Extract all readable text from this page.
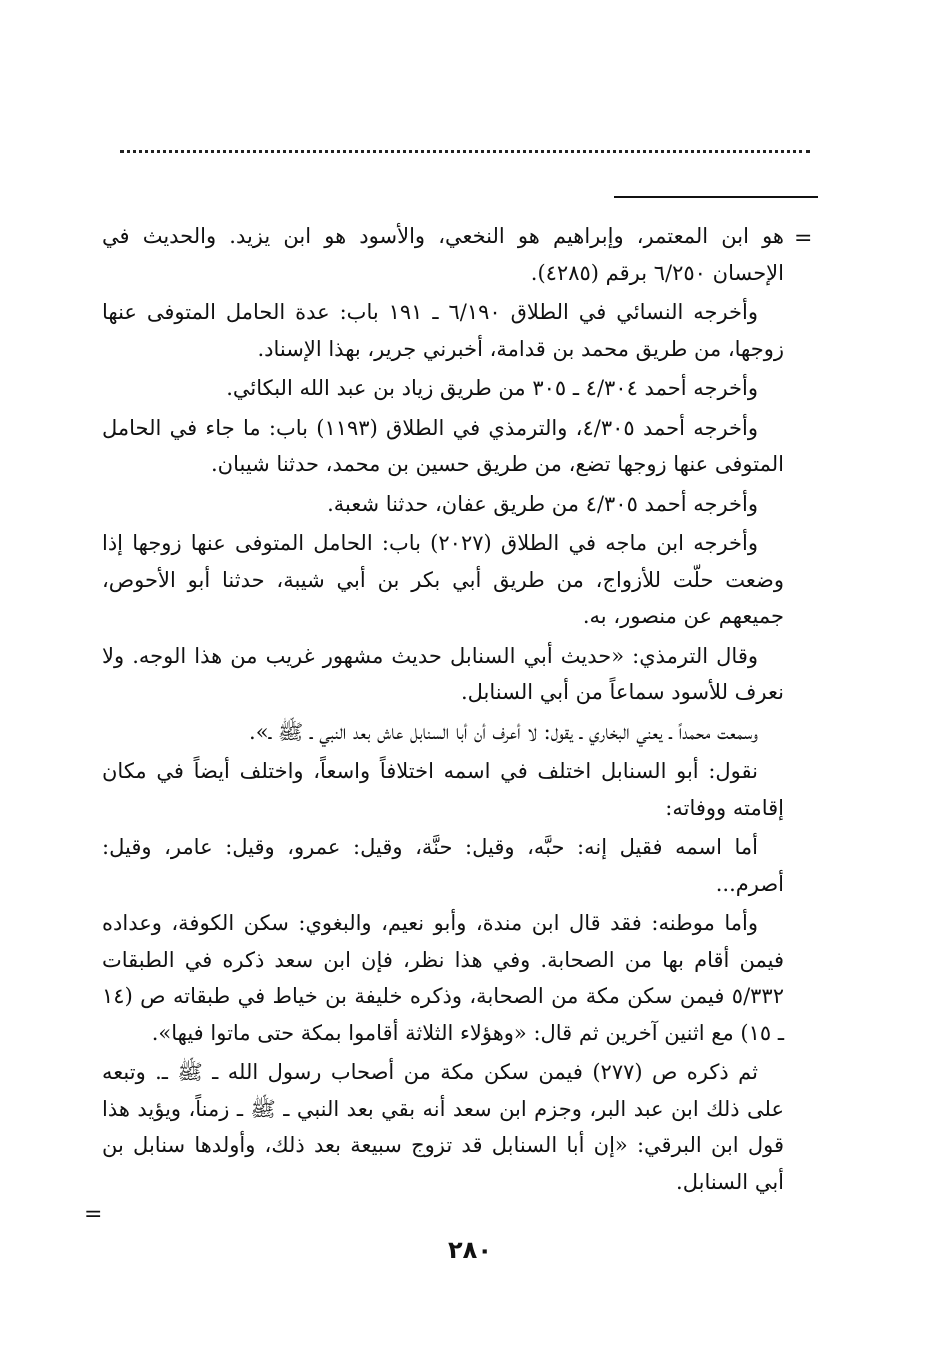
=

هو ابن المعتمر، وإبراهيم هو النخعي، والأسود هو ابن يزيد. والحديث في الإحسان ٦/٢٥٠ برقم (٤٢٨٥).

وأخرجه النسائي في الطلاق ٦/١٩٠ ـ ١٩١ باب: عدة الحامل المتوفى عنها زوجها، من طريق محمد بن قدامة، أخبرني جرير، بهذا الإسناد.

وأخرجه أحمد ٤/٣٠٤ ـ ٣٠٥ من طريق زياد بن عبد الله البكائي.

وأخرجه أحمد ٤/٣٠٥، والترمذي في الطلاق (١١٩٣) باب: ما جاء في الحامل المتوفى عنها زوجها تضع، من طريق حسين بن محمد، حدثنا شيبان.

وأخرجه أحمد ٤/٣٠٥ من طريق عفان، حدثنا شعبة.

وأخرجه ابن ماجه في الطلاق (٢٠٢٧) باب: الحامل المتوفى عنها زوجها إذا وضعت حلّت للأزواج، من طريق أبي بكر بن أبي شيبة، حدثنا أبو الأحوص، جميعهم عن منصور، به.

وقال الترمذي: «حديث أبي السنابل حديث مشهور غريب من هذا الوجه. ولا نعرف للأسود سماعاً من أبي السنابل.

وسمعت محمداً ـ يعني البخاري ـ يقول: لا أعرف أن أبا السنابل عاش بعد النبي ـ ﷺ ـ».

نقول: أبو السنابل اختلف في اسمه اختلافاً واسعاً، واختلف أيضاً في مكان إقامته ووفاته:

أما اسمه فقيل إنه: حبَّه، وقيل: حنَّة، وقيل: عمرو، وقيل: عامر، وقيل: أصرم...

وأما موطنه: فقد قال ابن مندة، وأبو نعيم، والبغوي: سكن الكوفة، وعداده فيمن أقام بها من الصحابة. وفي هذا نظر، فإن ابن سعد ذكره في الطبقات ٥/٣٣٢ فيمن سكن مكة من الصحابة، وذكره خليفة بن خياط في طبقاته ص (١٤ ـ ١٥) مع اثنين آخرين ثم قال: «وهؤلاء الثلاثة أقاموا بمكة حتى ماتوا فيها».

ثم ذكره ص (٢٧٧) فيمن سكن مكة من أصحاب رسول الله ـ ﷺ ـ. وتبعه على ذلك ابن عبد البر، وجزم ابن سعد أنه بقي بعد النبي ـ ﷺ ـ زمناً، ويؤيد هذا قول ابن البرقي: «إن أبا السنابل قد تزوج سبيعة بعد ذلك، وأولدها سنابل بن أبي السنابل.

=
٢٨٠
